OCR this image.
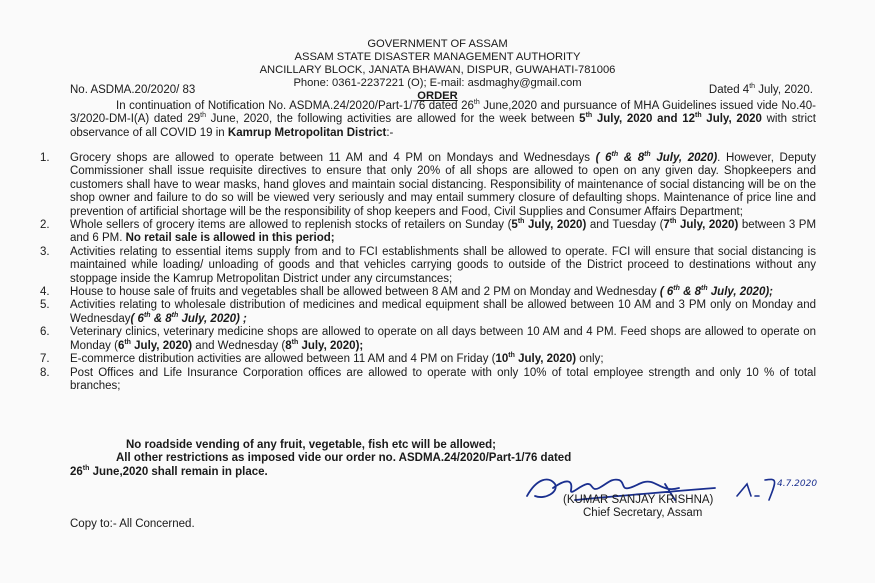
GOVERNMENT OF ASSAM
ASSAM STATE DISASTER MANAGEMENT AUTHORITY
ANCILLARY BLOCK, JANATA BHAWAN, DISPUR, GUWAHATI-781006
Phone: 0361-2237221 (O); E-mail: asdmaghy@gmail.com
ORDER
No. ASDMA.20/2020/ 83	Dated 4th July, 2020.
In continuation of Notification No. ASDMA.24/2020/Part-1/76 dated 26th June,2020 and pursuance of MHA Guidelines issued vide No.40-3/2020-DM-I(A) dated 29th June, 2020, the following activities are allowed for the week between 5th July, 2020 and 12th July, 2020 with strict observance of all COVID 19 in Kamrup Metropolitan District:-
1.	Grocery shops are allowed to operate between 11 AM and 4 PM on Mondays and Wednesdays ( 6th & 8th July, 2020). However, Deputy Commissioner shall issue requisite directives to ensure that only 20% of all shops are allowed to open on any given day. Shopkeepers and customers shall have to wear masks, hand gloves and maintain social distancing. Responsibility of maintenance of social distancing will be on the shop owner and failure to do so will be viewed very seriously and may entail summery closure of defaulting shops. Maintenance of price line and prevention of artificial shortage will be the responsibility of shop keepers and Food, Civil Supplies and Consumer Affairs Department;
2.	Whole sellers of grocery items are allowed to replenish stocks of retailers on Sunday (5th July, 2020) and Tuesday (7th July, 2020) between 3 PM and 6 PM. No retail sale is allowed in this period;
3.	Activities relating to essential items supply from and to FCI establishments shall be allowed to operate. FCI will ensure that social distancing is maintained while loading/ unloading of goods and that vehicles carrying goods to outside of the District proceed to destinations without any stoppage inside the Kamrup Metropolitan District under any circumstances;
4.	House to house sale of fruits and vegetables shall be allowed between 8 AM and 2 PM on Monday and Wednesday ( 6th & 8th July, 2020);
5.	Activities relating to wholesale distribution of medicines and medical equipment shall be allowed between 10 AM and 3 PM only on Monday and Wednesday( 6th & 8th July, 2020) ;
6.	Veterinary clinics, veterinary medicine shops are allowed to operate on all days between 10 AM and 4 PM. Feed shops are allowed to operate on Monday (6th July, 2020) and Wednesday (8th July, 2020);
7.	E-commerce distribution activities are allowed between 11 AM and 4 PM on Friday (10th July, 2020) only;
8.	Post Offices and Life Insurance Corporation offices are allowed to operate with only 10% of total employee strength and only 10 % of total branches;
No roadside vending of any fruit, vegetable, fish etc will be allowed;
All other restrictions as imposed vide our order no. ASDMA.24/2020/Part-1/76 dated
26th June,2020 shall remain in place.
4.7.2020
(KUMAR SANJAY KRISHNA)
Chief Secretary, Assam
Copy to:- All Concerned.
